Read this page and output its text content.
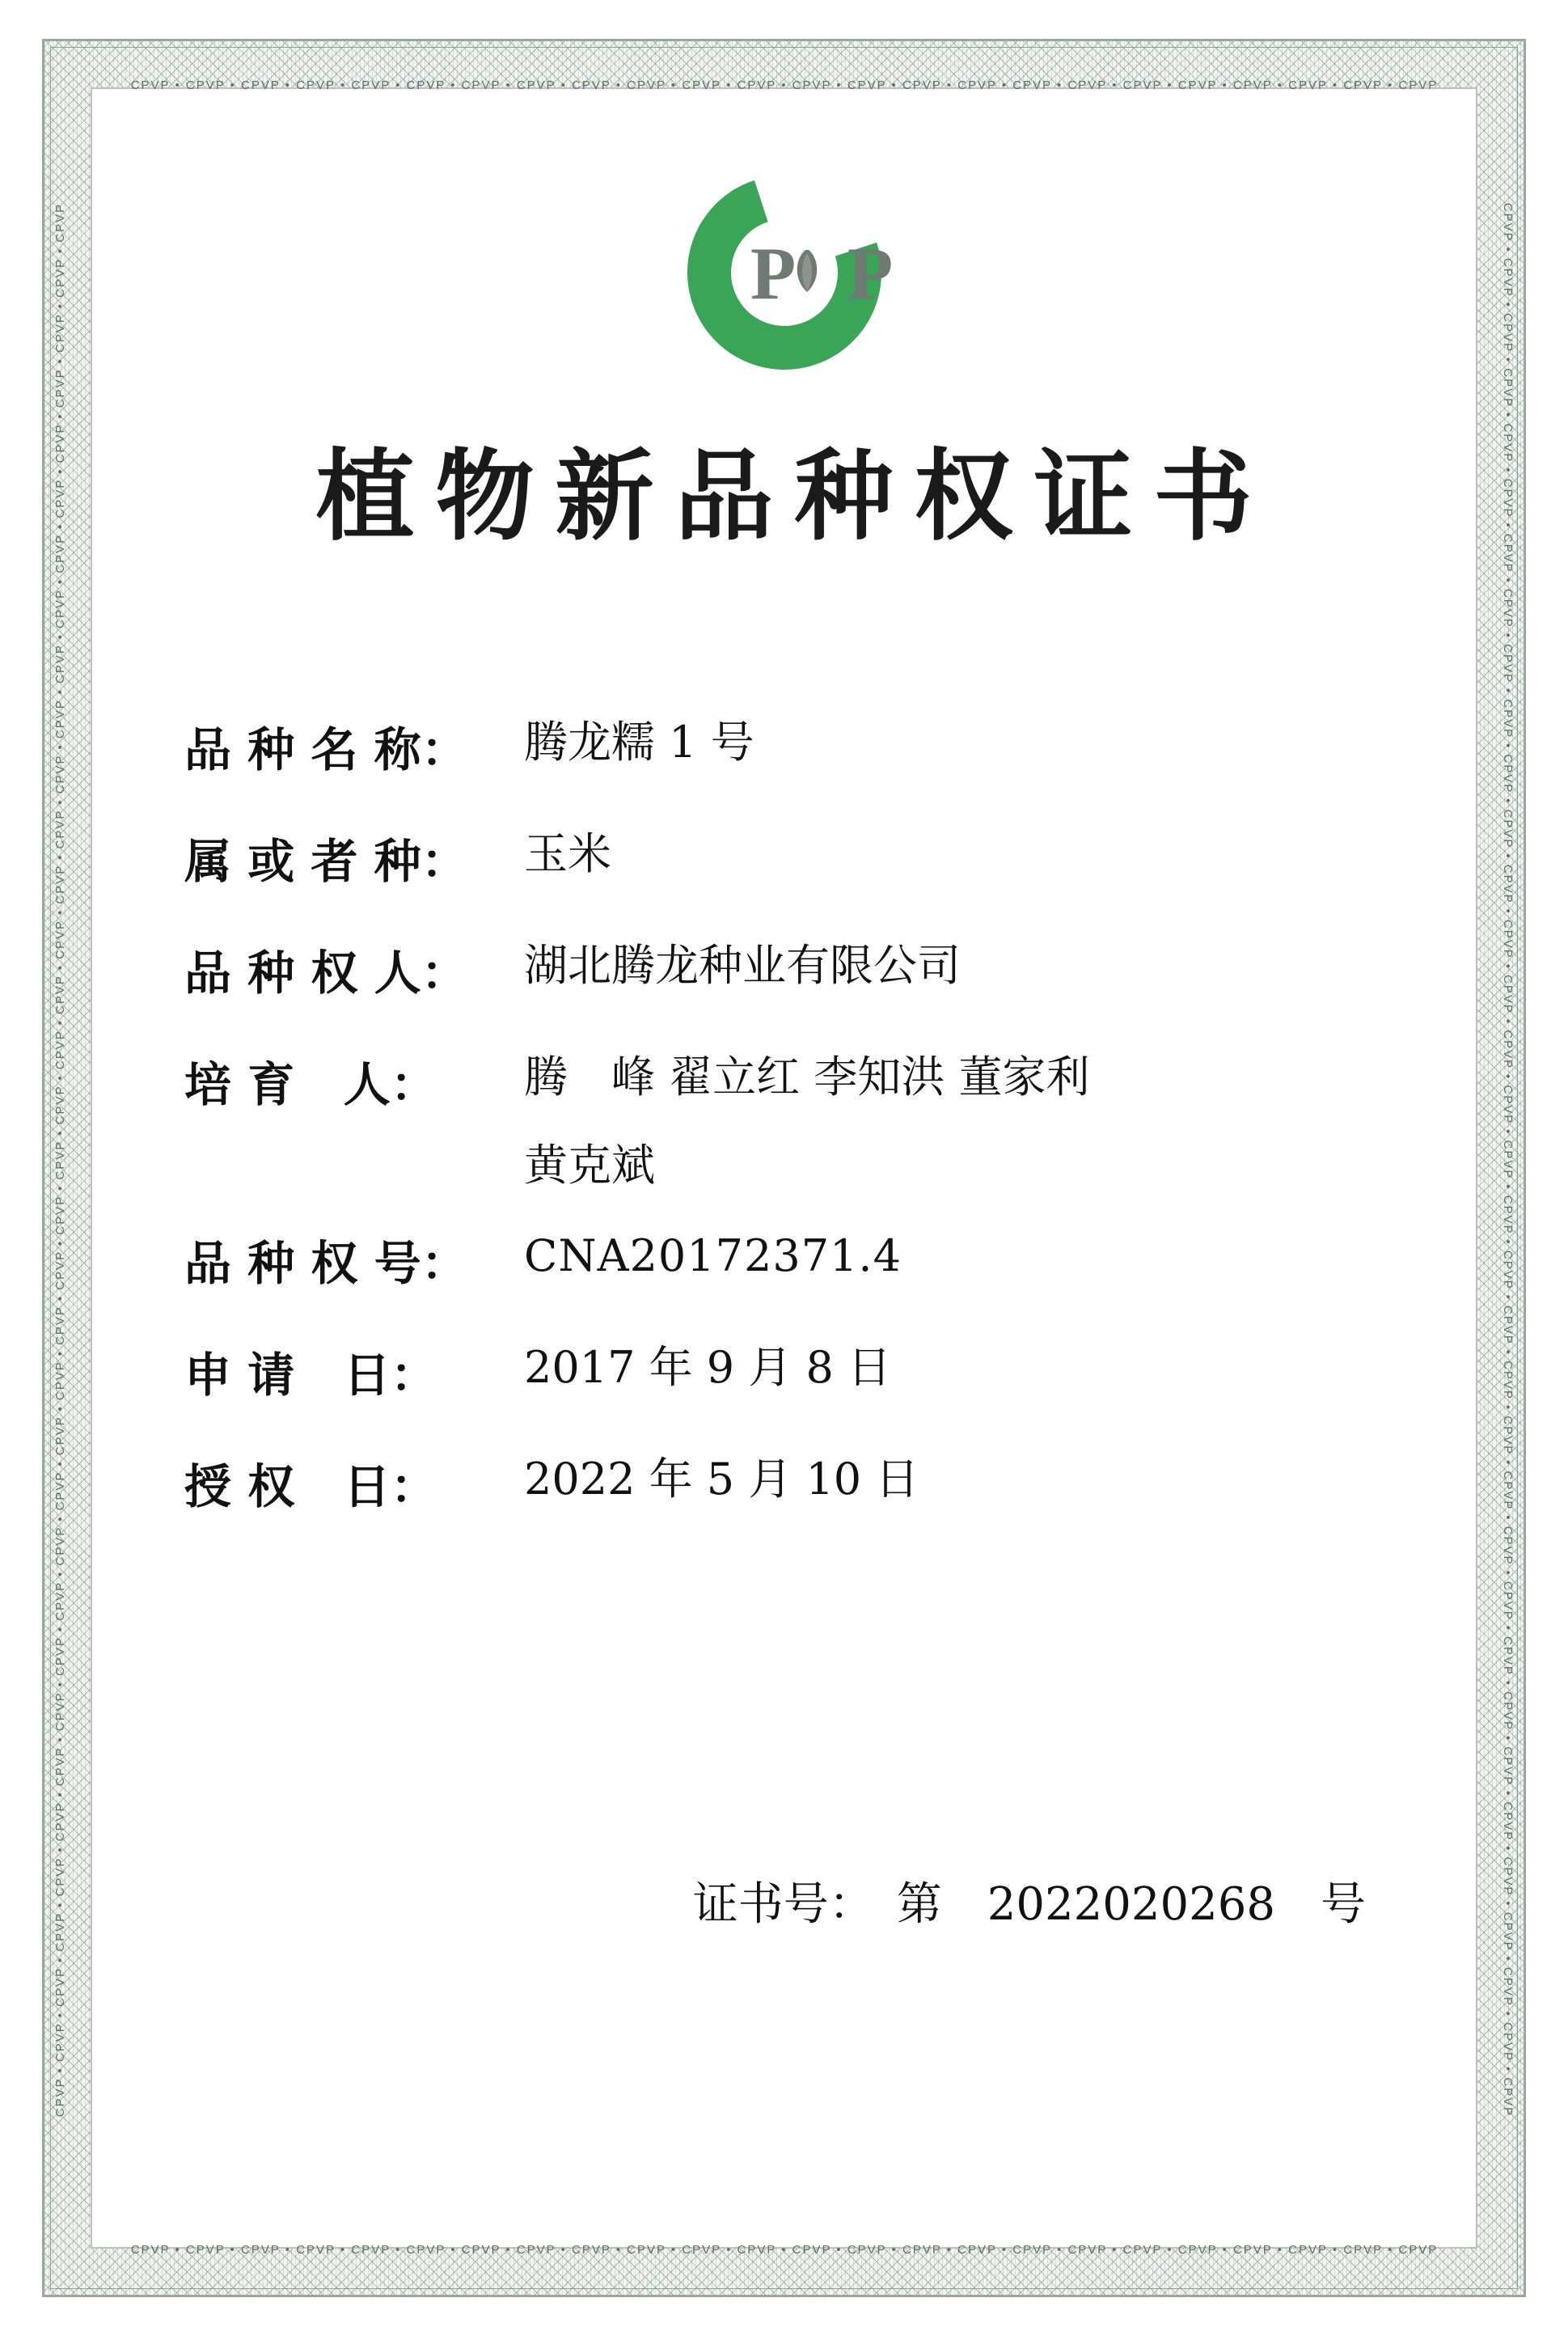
CPVP • CPVP • CPVP • CPVP • CPVP • CPVP • CPVP • CPVP • CPVP • CPVP • CPVP • CPVP • CPVP • CPVP • CPVP • CPVP • CPVP • CPVP • CPVP • CPVP • CPVP • CPVP • CPVP • CPVP
CPVP • CPVP • CPVP • CPVP • CPVP • CPVP • CPVP • CPVP • CPVP • CPVP • CPVP • CPVP • CPVP • CPVP • CPVP • CPVP • CPVP • CPVP • CPVP • CPVP • CPVP • CPVP • CPVP • CPVP
CPVP • CPVP • CPVP • CPVP • CPVP • CPVP • CPVP • CPVP • CPVP • CPVP • CPVP • CPVP • CPVP • CPVP • CPVP • CPVP • CPVP • CPVP • CPVP • CPVP • CPVP • CPVP • CPVP • CPVP • CPVP • CPVP • CPVP • CPVP • CPVP • CPVP • CPVP • CPVP • CPVP • CPVP • CPVP	CPVP • CPVP • CPVP • CPVP • CPVP • CPVP • CPVP • CPVP • CPVP • CPVP • CPVP • CPVP • CPVP • CPVP • CPVP • CPVP • CPVP • CPVP • CPVP • CPVP • CPVP • CPVP • CPVP • CPVP • CPVP • CPVP • CPVP • CPVP • CPVP • CPVP • CPVP • CPVP • CPVP • CPVP • CPVP
P P
植物新品种权证书
品 种 名 称：	腾龙糯 1 号
属 或 者 种：	玉米
品 种 权 人：	湖北腾龙种业有限公司
培 育   人：	腾　峰 翟立红 李知洪 董家利
黄克斌
品 种 权 号：	CNA20172371.4
申 请   日：	2017 年 9 月 8 日
授 权   日：	2022 年 5 月 10 日
证书号：　第　2022020268　号
